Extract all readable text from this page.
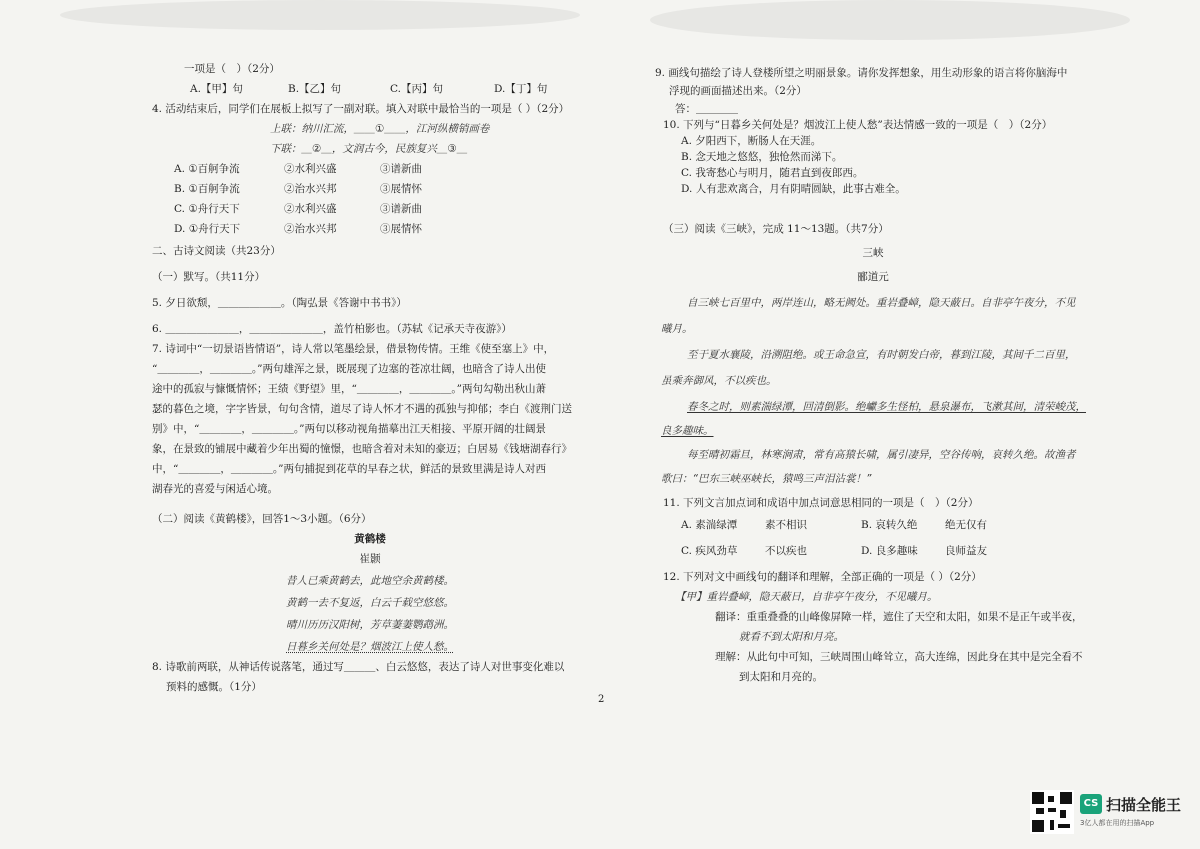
一项是（　）（2分）
A.【甲】句	B.【乙】句	C.【丙】句	D.【丁】句
4. 活动结束后，同学们在展板上拟写了一副对联。填入对联中最恰当的一项是（ ）（2分）
上联：纳川汇流，＿＿①＿＿，江河纵横销画卷
下联：＿②＿，文润古今，民族复兴＿③＿
A. ①百舸争流	②水利兴盛	③谱新曲
B. ①百舸争流	②治水兴邦	③展情怀
C. ①舟行天下	②水利兴盛	③谱新曲
D. ①舟行天下	②治水兴邦	③展情怀
二、古诗文阅读（共23分）
（一）默写。（共11分）
5. 夕日欲颓，＿＿＿＿＿＿。（陶弘景《答谢中书书》）
6. ＿＿＿＿＿＿＿，＿＿＿＿＿＿＿，盖竹柏影也。（苏轼《记承天寺夜游》）
7. 诗词中“一切景语皆情语”，诗人常以笔墨绘景，借景物传情。王维《使至塞上》中，
“＿＿＿＿，＿＿＿＿。”两句雄浑之景，既展现了边塞的苍凉壮阔，也暗含了诗人出使
途中的孤寂与慷慨情怀；王绩《野望》里，“＿＿＿＿，＿＿＿＿。”两句勾勒出秋山萧
瑟的暮色之境，字字皆景，句句含情，道尽了诗人怀才不遇的孤独与抑郁；李白《渡荆门送
别》中，“＿＿＿＿，＿＿＿＿。”两句以移动视角描摹出江天相接、平原开阔的壮阔景
象，在景致的铺展中藏着少年出蜀的憧憬，也暗含着对未知的豪迈；白居易《钱塘湖春行》
中，“＿＿＿＿，＿＿＿＿。”两句捕捉到花草的早春之状，鲜活的景致里满是诗人对西
湖春光的喜爱与闲适心境。
（二）阅读《黄鹤楼》，回答1～3小题。（6分）
黄鹤楼
崔颢
昔人已乘黄鹤去，此地空余黄鹤楼。
黄鹤一去不复返，白云千载空悠悠。
晴川历历汉阳树，芳草萋萋鹦鹉洲。
日暮乡关何处是？烟波江上使人愁。
8. 诗歌前两联，从神话传说落笔，通过写＿＿＿、白云悠悠，表达了诗人对世事变化难以
预料的感慨。（1分）
9. 画线句描绘了诗人登楼所望之明丽景象。请你发挥想象，用生动形象的语言将你脑海中
浮现的画面描述出来。（2分）
答：＿＿＿＿
10. 下列与“日暮乡关何处是？烟波江上使人愁”表达情感一致的一项是（　）（2分）
A. 夕阳西下，断肠人在天涯。
B. 念天地之悠悠，独怆然而涕下。
C. 我寄愁心与明月，随君直到夜郎西。
D. 人有悲欢离合，月有阴晴圆缺，此事古难全。
（三）阅读《三峡》，完成 11～13题。（共7分）
三峡
郦道元
自三峡七百里中，两岸连山，略无阙处。重岩叠嶂，隐天蔽日。自非亭午夜分，不见
曦月。
至于夏水襄陵，沿溯阻绝。或王命急宣，有时朝发白帝，暮到江陵，其间千二百里，
虽乘奔御风，不以疾也。
春冬之时，则素湍绿潭，回清倒影。绝巘多生怪柏，悬泉瀑布，飞漱其间，清荣峻茂，
良多趣味。
每至晴初霜旦，林寒涧肃，常有高猿长啸，属引凄异，空谷传响，哀转久绝。故渔者
歌曰：“巴东三峡巫峡长，猿鸣三声泪沾裳！”
11. 下列文言加点词和成语中加点词意思相同的一项是（　）（2分）
A. 素湍绿潭	素不相识	B. 哀转久绝	绝无仅有
C. 疾风劲草	不以疾也	D. 良多趣味	良师益友
12. 下列对文中画线句的翻译和理解，全部正确的一项是（ ）（2分）
【甲】重岩叠嶂，隐天蔽日，自非亭午夜分，不见曦月。
翻译：重重叠叠的山峰像屏障一样，遮住了天空和太阳，如果不是正午或半夜，
就看不到太阳和月亮。
理解：从此句中可知，三峡周围山峰耸立，高大连绵，因此身在其中是完全看不
到太阳和月亮的。
2
CS 扫描全能王
3亿人都在用的扫描App
